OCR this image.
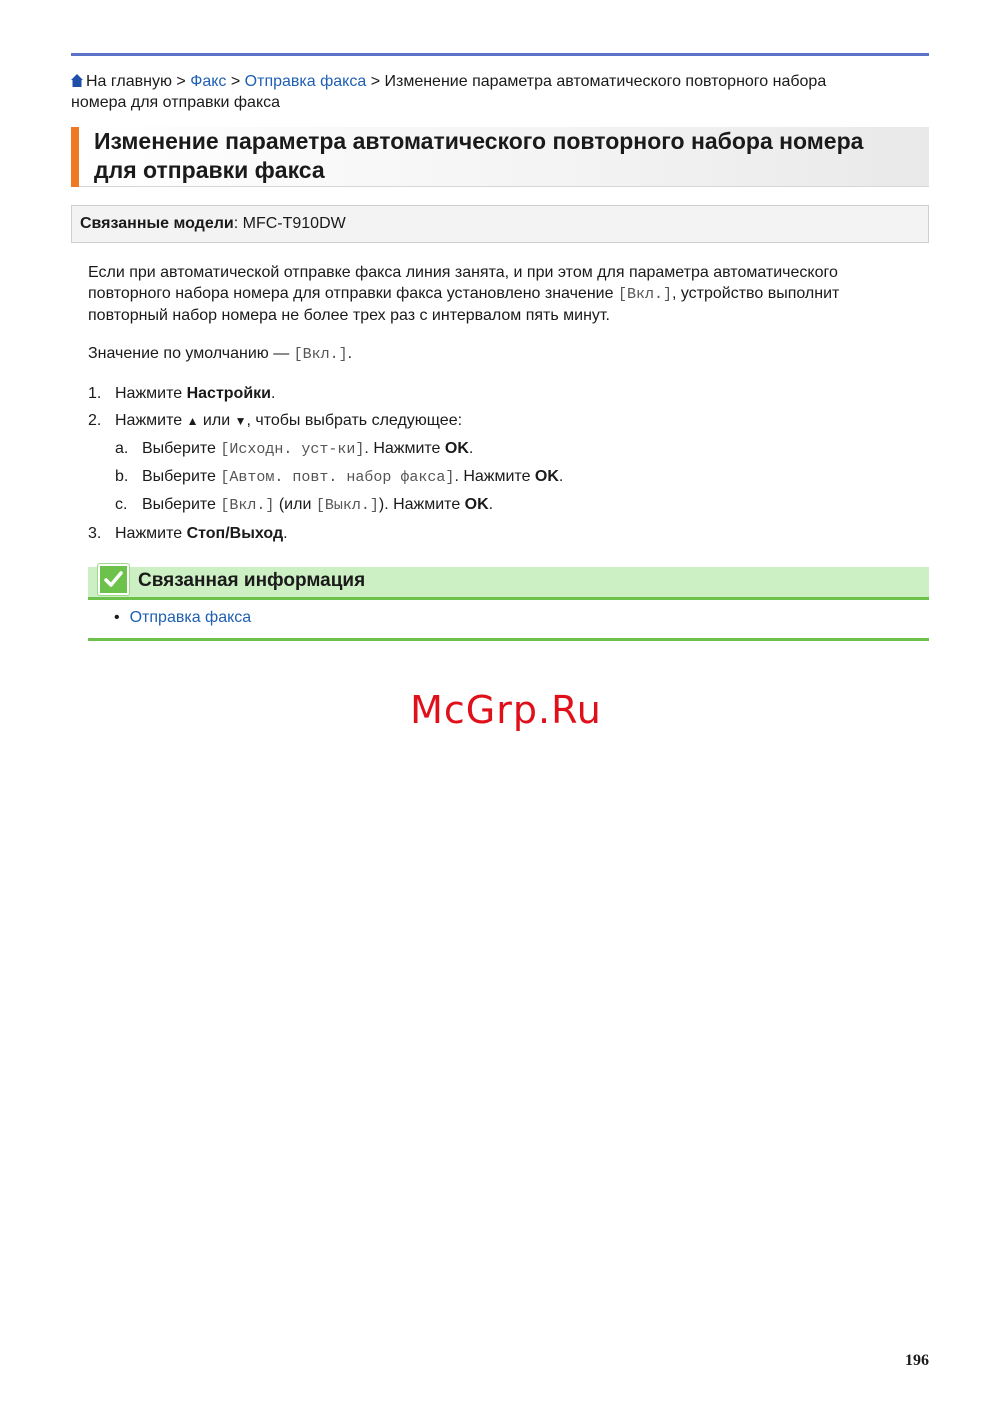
На главную > Факс > Отправка факса > Изменение параметра автоматического повторного набора
номера для отправки факса
Изменение параметра автоматического повторного набора номера
для отправки факса
Связанные модели: MFC-T910DW
Если при автоматической отправке факса линия занята, и при этом для параметра автоматического
повторного набора номера для отправки факса установлено значение [Вкл.], устройство выполнит
повторный набор номера не более трех раз с интервалом пять минут.
Значение по умолчанию — [Вкл.].
1. Нажмите Настройки.
2. Нажмите ▲ или ▼, чтобы выбрать следующее:
a. Выберите [Исходн. уст-ки]. Нажмите OK.
b. Выберите [Автом. повт. набор факса]. Нажмите OK.
c. Выберите [Вкл.] (или [Выкл.]). Нажмите OK.
3. Нажмите Стоп/Выход.
Связанная информация
• Отправка факса
McGrp.Ru
196
